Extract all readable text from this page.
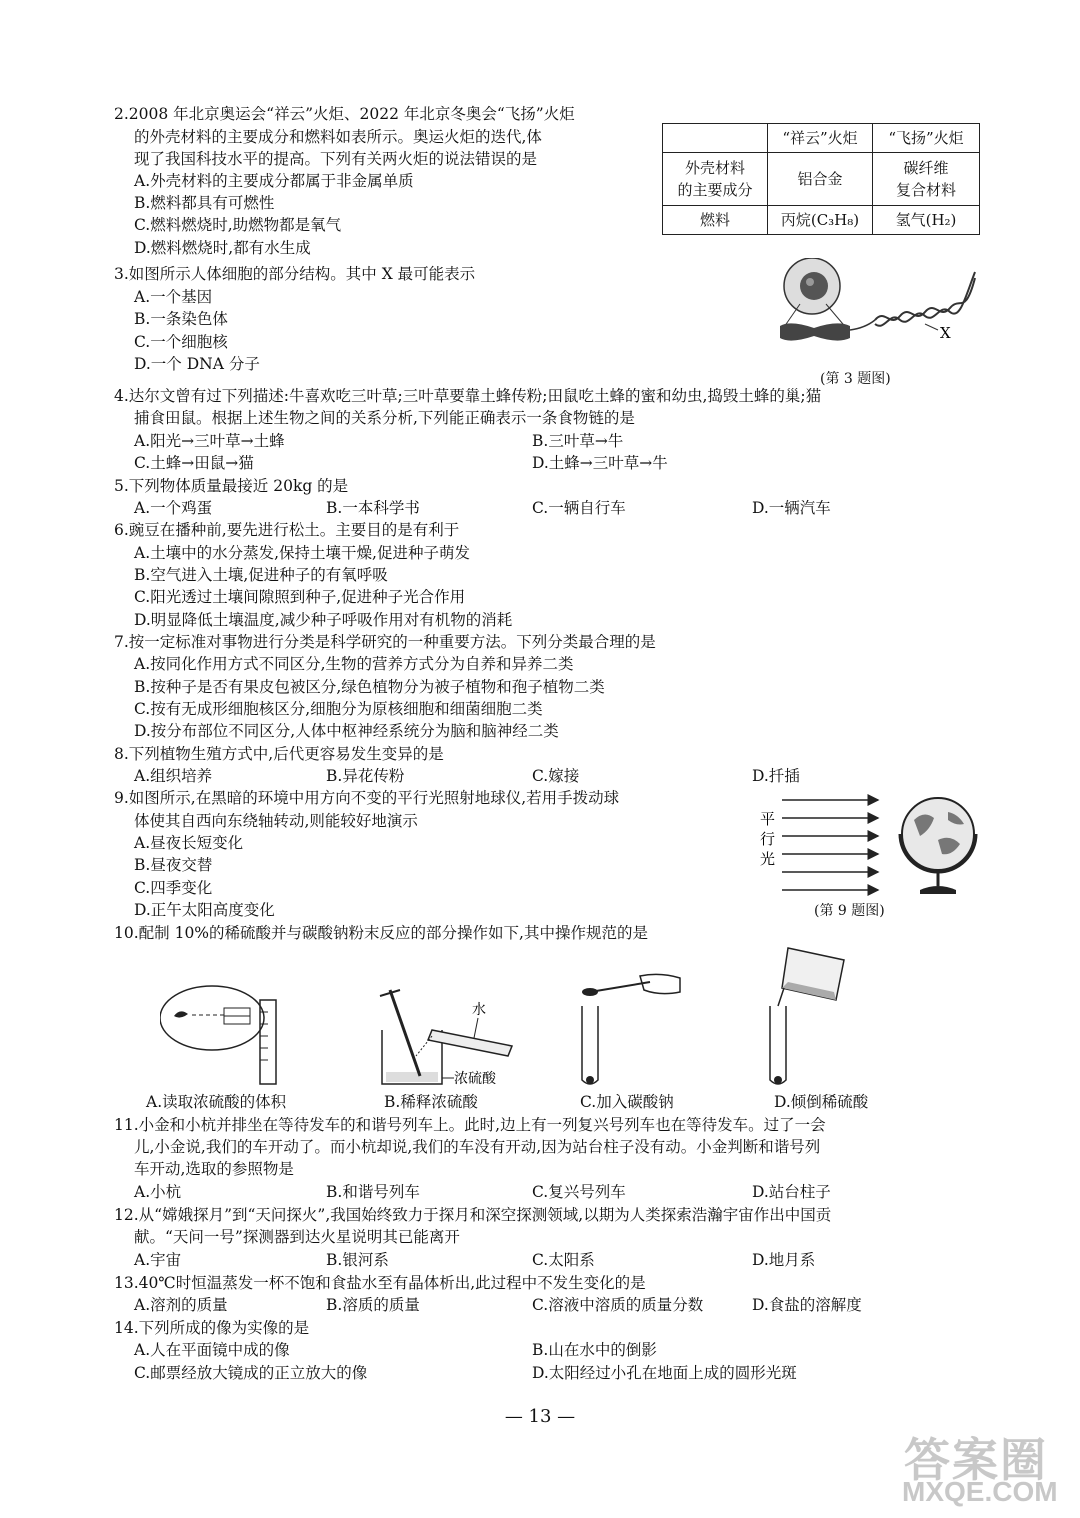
2.2008 年北京奥运会“祥云”火炬、2022 年北京冬奥会“飞扬”火炬
的外壳材料的主要成分和燃料如表所示。奥运火炬的迭代,体
现了我国科技水平的提高。下列有关两火炬的说法错误的是
A.外壳材料的主要成分都属于非金属单质
B.燃料都具有可燃性
C.燃料燃烧时,助燃物都是氧气
D.燃料燃烧时,都有水生成
	“祥云”火炬	“飞扬”火炬
外壳材料
的主要成分	铝合金	碳纤维
复合材料
燃料	丙烷(C₃H₈)	氢气(H₂)
3.如图所示人体细胞的部分结构。其中 X 最可能表示
A.一个基因
B.一条染色体
C.一个细胞核
D.一个 DNA 分子
X
(第 3 题图)
4.达尔文曾有过下列描述:牛喜欢吃三叶草;三叶草要靠土蜂传粉;田鼠吃土蜂的蜜和幼虫,捣毁土蜂的巢;猫
捕食田鼠。根据上述生物之间的关系分析,下列能正确表示一条食物链的是
A.阳光→三叶草→土蜂	B.三叶草→牛
C.土蜂→田鼠→猫	D.土蜂→三叶草→牛
5.下列物体质量最接近 20kg 的是
A.一个鸡蛋	B.一本科学书	C.一辆自行车	D.一辆汽车
6.豌豆在播种前,要先进行松土。主要目的是有利于
A.土壤中的水分蒸发,保持土壤干燥,促进种子萌发
B.空气进入土壤,促进种子的有氧呼吸
C.阳光透过土壤间隙照到种子,促进种子光合作用
D.明显降低土壤温度,减少种子呼吸作用对有机物的消耗
7.按一定标准对事物进行分类是科学研究的一种重要方法。下列分类最合理的是
A.按同化作用方式不同区分,生物的营养方式分为自养和异养二类
B.按种子是否有果皮包被区分,绿色植物分为被子植物和孢子植物二类
C.按有无成形细胞核区分,细胞分为原核细胞和细菌细胞二类
D.按分布部位不同区分,人体中枢神经系统分为脑和脑神经二类
8.下列植物生殖方式中,后代更容易发生变异的是
A.组织培养	B.异花传粉	C.嫁接	D.扦插
9.如图所示,在黑暗的环境中用方向不变的平行光照射地球仪,若用手拨动球
体使其自西向东绕轴转动,则能较好地演示
A.昼夜长短变化
B.昼夜交替
C.四季变化
D.正午太阳高度变化
平
行
光
(第 9 题图)
10.配制 10%的稀硫酸并与碳酸钠粉末反应的部分操作如下,其中操作规范的是
水
浓硫酸
A.读取浓硫酸的体积	B.稀释浓硫酸	C.加入碳酸钠	D.倾倒稀硫酸
11.小金和小杭并排坐在等待发车的和谐号列车上。此时,边上有一列复兴号列车也在等待发车。过了一会
儿,小金说,我们的车开动了。而小杭却说,我们的车没有开动,因为站台柱子没有动。小金判断和谐号列
车开动,选取的参照物是
A.小杭	B.和谐号列车	C.复兴号列车	D.站台柱子
12.从“嫦娥探月”到“天问探火”,我国始终致力于探月和深空探测领域,以期为人类探索浩瀚宇宙作出中国贡
献。“天问一号”探测器到达火星说明其已能离开
A.宇宙	B.银河系	C.太阳系	D.地月系
13.40℃时恒温蒸发一杯不饱和食盐水至有晶体析出,此过程中不发生变化的是
A.溶剂的质量	B.溶质的质量	C.溶液中溶质的质量分数	D.食盐的溶解度
14.下列所成的像为实像的是
A.人在平面镜中成的像	B.山在水中的倒影
C.邮票经放大镜成的正立放大的像	D.太阳经过小孔在地面上成的圆形光斑
— 13 —
答案圈
MXQE.COM
